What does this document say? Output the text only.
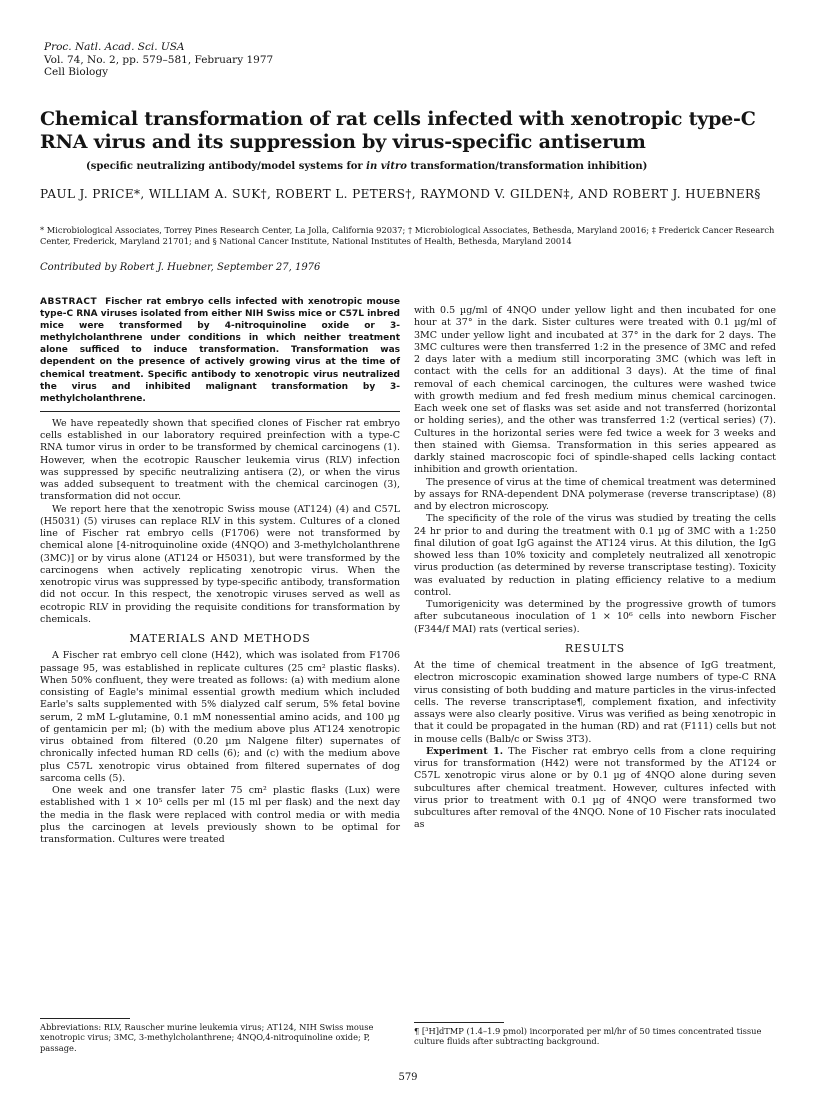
Proc. Natl. Acad. Sci. USA
Vol. 74, No. 2, pp. 579–581, February 1977
Cell Biology
Chemical transformation of rat cells infected with xenotropic type-C RNA virus and its suppression by virus-specific antiserum
(specific neutralizing antibody/model systems for in vitro transformation/transformation inhibition)
PAUL J. PRICE*, WILLIAM A. SUK†, ROBERT L. PETERS†, RAYMOND V. GILDEN‡, AND ROBERT J. HUEBNER§
* Microbiological Associates, Torrey Pines Research Center, La Jolla, California 92037; † Microbiological Associates, Bethesda, Maryland 20016; ‡ Frederick Cancer Research Center, Frederick, Maryland 21701; and § National Cancer Institute, National Institutes of Health, Bethesda, Maryland 20014
Contributed by Robert J. Huebner, September 27, 1976
ABSTRACT Fischer rat embryo cells infected with xenotropic mouse type-C RNA viruses isolated from either NIH Swiss mice or C57L inbred mice were transformed by 4-nitroquinoline oxide or 3-methylcholanthrene under conditions in which neither treatment alone sufficed to induce transformation. Transformation was dependent on the presence of actively growing virus at the time of chemical treatment. Specific antibody to xenotropic virus neutralized the virus and inhibited malignant transformation by 3-methylcholanthrene.

We have repeatedly shown that specified clones of Fischer rat embryo cells established in our laboratory required preinfection with a type-C RNA tumor virus in order to be transformed by chemical carcinogens (1). However, when the ecotropic Rauscher leukemia virus (RLV) infection was suppressed by specific neutralizing antisera (2), or when the virus was added subsequent to treatment with the chemical carcinogen (3), transformation did not occur.

We report here that the xenotropic Swiss mouse (AT124) (4) and C57L (H5031) (5) viruses can replace RLV in this system. Cultures of a cloned line of Fischer rat embryo cells (F1706) were not transformed by chemical alone [4-nitroquinoline oxide (4NQO) and 3-methylcholanthrene (3MC)] or by virus alone (AT124 or H5031), but were transformed by the carcinogens when actively replicating xenotropic virus. When the xenotropic virus was suppressed by type-specific antibody, transformation did not occur. In this respect, the xenotropic viruses served as well as ecotropic RLV in providing the requisite conditions for transformation by chemicals.

MATERIALS AND METHODS

A Fischer rat embryo cell clone (H42), which was isolated from F1706 passage 95, was established in replicate cultures (25 cm² plastic flasks). When 50% confluent, they were treated as follows: (a) with medium alone consisting of Eagle's minimal essential growth medium which included Earle's salts supplemented with 5% dialyzed calf serum, 5% fetal bovine serum, 2 mM L-glutamine, 0.1 mM nonessential amino acids, and 100 µg of gentamicin per ml; (b) with the medium above plus AT124 xenotropic virus obtained from filtered (0.20 µm Nalgene filter) supernates of chronically infected human RD cells (6); and (c) with the medium above plus C57L xenotropic virus obtained from filtered supernates of dog sarcoma cells (5).

One week and one transfer later 75 cm² plastic flasks (Lux) were established with 1 × 10⁵ cells per ml (15 ml per flask) and the next day the media in the flask were replaced with control media or with media plus the carcinogen at levels previously shown to be optimal for transformation. Cultures were treated

with 0.5 µg/ml of 4NQO under yellow light and then incubated for one hour at 37° in the dark. Sister cultures were treated with 0.1 µg/ml of 3MC under yellow light and incubated at 37° in the dark for 2 days. The 3MC cultures were then transferred 1:2 in the presence of 3MC and refed 2 days later with a medium still incorporating 3MC (which was left in contact with the cells for an additional 3 days). At the time of final removal of each chemical carcinogen, the cultures were washed twice with growth medium and fed fresh medium minus chemical carcinogen. Each week one set of flasks was set aside and not transferred (horizontal or holding series), and the other was transferred 1:2 (vertical series) (7). Cultures in the horizontal series were fed twice a week for 3 weeks and then stained with Giemsa. Transformation in this series appeared as darkly stained macroscopic foci of spindle-shaped cells lacking contact inhibition and growth orientation.

The presence of virus at the time of chemical treatment was determined by assays for RNA-dependent DNA polymerase (reverse transcriptase) (8) and by electron microscopy.

The specificity of the role of the virus was studied by treating the cells 24 hr prior to and during the treatment with 0.1 µg of 3MC with a 1:250 final dilution of goat IgG against the AT124 virus. At this dilution, the IgG showed less than 10% toxicity and completely neutralized all xenotropic virus production (as determined by reverse transcriptase testing). Toxicity was evaluated by reduction in plating efficiency relative to a medium control.

Tumorigenicity was determined by the progressive growth of tumors after subcutaneous inoculation of 1 × 10⁶ cells into newborn Fischer (F344/f MAI) rats (vertical series).

RESULTS

At the time of chemical treatment in the absence of IgG treatment, electron microscopic examination showed large numbers of type-C RNA virus consisting of both budding and mature particles in the virus-infected cells. The reverse transcriptase¶, complement fixation, and infectivity assays were also clearly positive. Virus was verified as being xenotropic in that it could be propagated in the human (RD) and rat (F111) cells but not in mouse cells (Balb/c or Swiss 3T3).

Experiment 1. The Fischer rat embryo cells from a clone requiring virus for transformation (H42) were not transformed by the AT124 or C57L xenotropic virus alone or by 0.1 µg of 4NQO alone during seven subcultures after chemical treatment. However, cultures infected with virus prior to treatment with 0.1 µg of 4NQO were transformed two subcultures after removal of the 4NQO. None of 10 Fischer rats inoculated as

Abbreviations: RLV, Rauscher murine leukemia virus; AT124, NIH Swiss mouse xenotropic virus; 3MC, 3-methylcholanthrene; 4NQO,4-nitroquinoline oxide; P, passage.
¶ [³H]dTMP (1.4–1.9 pmol) incorporated per ml/hr of 50 times concentrated tissue culture fluids after subtracting background.
579
